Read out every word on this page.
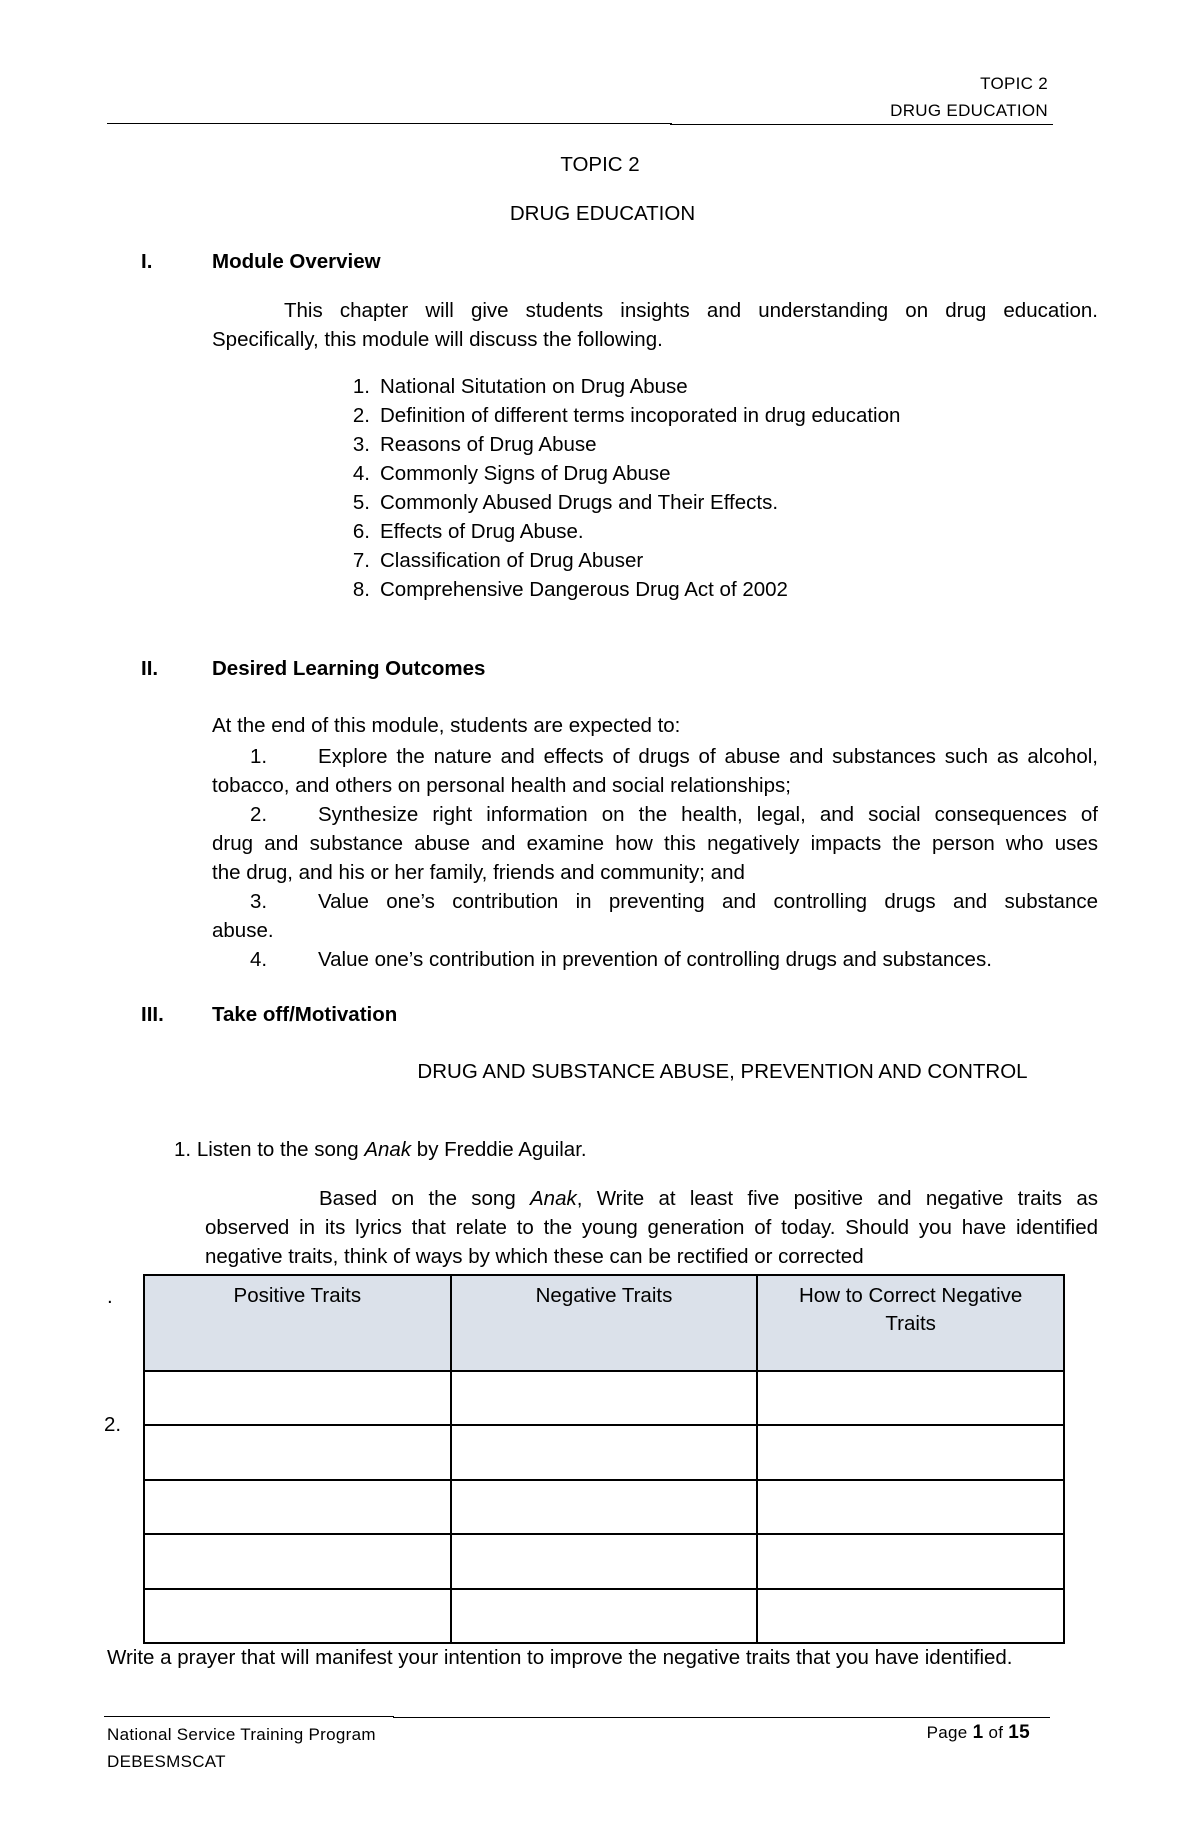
TOPIC 2
DRUG EDUCATION
TOPIC 2
DRUG EDUCATION
I.	Module Overview
This chapter will give students insights and understanding on drug education.
Specifically, this module will discuss the following.
1. National Situtation on Drug Abuse
2. Definition of different terms incoporated in drug education
3. Reasons of Drug Abuse
4. Commonly Signs of Drug Abuse
5. Commonly Abused Drugs and Their Effects.
6. Effects of Drug Abuse.
7. Classification of Drug Abuser
8. Comprehensive Dangerous Drug Act of 2002
II.	Desired Learning Outcomes
At the end of this module, students are expected to:
1. Explore the nature and effects of drugs of abuse and substances such as alcohol,
tobacco, and others on personal health and social relationships;
2. Synthesize right information on the health, legal, and social consequences of
drug and substance abuse and examine how this negatively impacts the person who uses
the drug, and his or her family, friends and community; and
3. Value one’s contribution in preventing and controlling drugs and substance
abuse.
4. Value one’s contribution in prevention of controlling drugs and substances.
III. Take off/Motivation
DRUG AND SUBSTANCE ABUSE, PREVENTION AND CONTROL
1. Listen to the song Anak by Freddie Aguilar.
Based on the song Anak, Write at least five positive and negative traits as
observed in its lyrics that relate to the young generation of today. Should you have identified
negative traits, think of ways by which these can be rectified or corrected
.
2.
Positive Traits	Negative Traits	How to Correct Negative Traits

Write a prayer that will manifest your intention to improve the negative traits that you have identified.
National Service Training Program
DEBESMSCAT
Page 1 of 15
